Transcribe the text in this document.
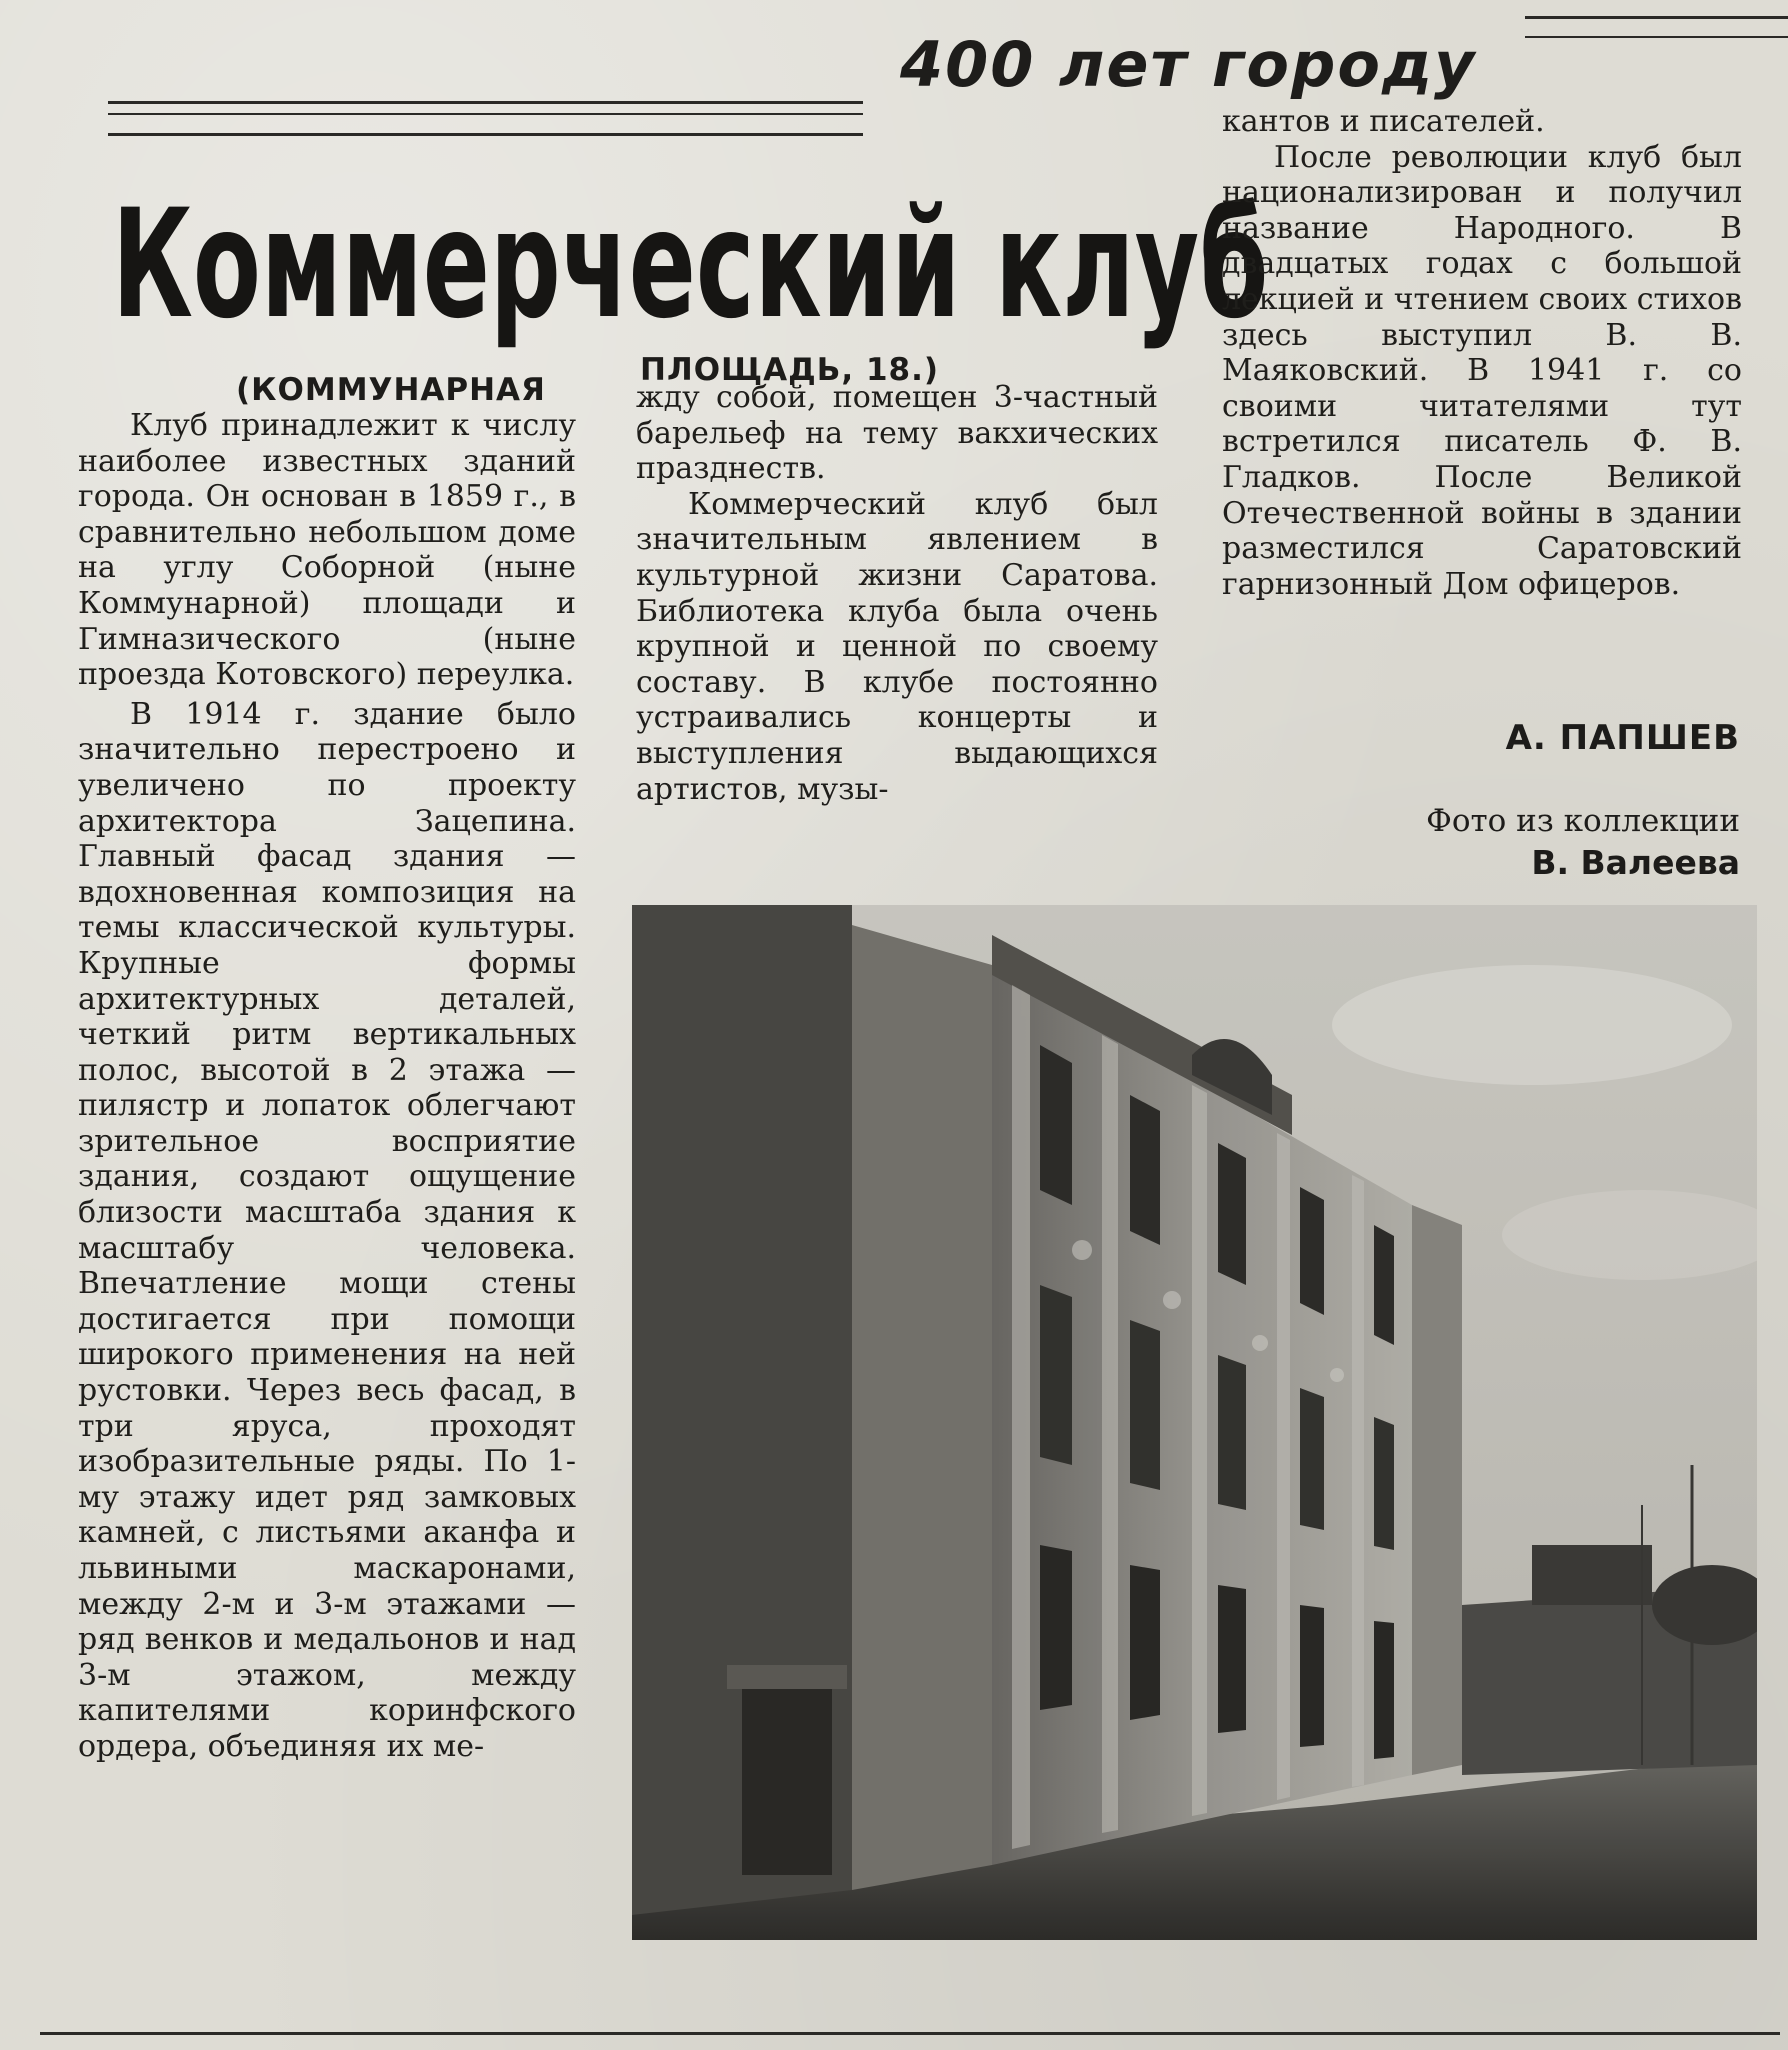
400 лет городу
Коммерческий клуб
(КОММУНАРНАЯ
ПЛОЩАДЬ, 18.)

Клуб принадлежит к числу наиболее известных зданий города. Он основан в 1859 г., в сравнительно небольшом доме на углу Соборной (ныне Коммунарной) площади и Гимназического (ныне проезда Котовского) переулка.

В 1914 г. здание было значительно перестроено и увеличено по проекту архитектора Зацепина. Главный фасад здания — вдохновенная композиция на темы классической культуры. Крупные формы архитектурных деталей, четкий ритм вертикальных полос, высотой в 2 этажа — пилястр и лопаток облегчают зрительное восприятие здания, создают ощущение близости масштаба здания к масштабу человека. Впечатление мощи стены достигается при помощи широкого применения на ней рустовки. Через весь фасад, в три яруса, проходят изобразительные ряды. По 1-му этажу идет ряд замковых камней, с листьями аканфа и львиными маскаронами, между 2-м и 3-м этажами — ряд венков и медальонов и над 3-м этажом, между капителями коринфского ордера, объединяя их ме-

жду собой, помещен 3-частный барельеф на тему вакхических празднеств.

Коммерческий клуб был значительным явлением в культурной жизни Саратова. Библиотека клуба была очень крупной и ценной по своему составу. В клубе постоянно устраивались концерты и выступления выдающихся артистов, музы-

кантов и писателей.

После революции клуб был национализирован и получил название Народного. В двадцатых годах с большой лекцией и чтением своих стихов здесь выступил В. В. Маяковский. В 1941 г. со своими читателями тут встретился писатель Ф. В. Гладков. После Великой Отечественной войны в здании разместился Саратовский гарнизонный Дом офицеров.

А. ПАПШЕВ
Фото из коллекции
В. Валеева
